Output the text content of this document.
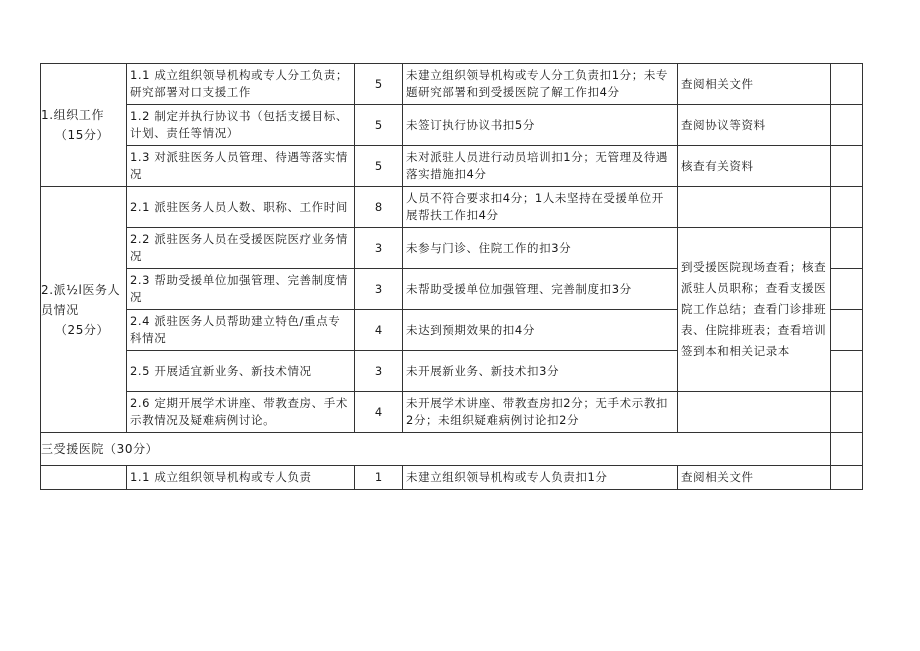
1.组织工作
（15分）	1.1 成立组织领导机构或专人分工负责；研究部署对口支援工作	5	未建立组织领导机构或专人分工负责扣1分；未专题研究部署和到受援医院了解工作扣4分	查阅相关文件	
	1.2 制定并执行协议书（包括支援目标、计划、责任等情况）	5	未签订执行协议书扣5分	查阅协议等资料	
	1.3 对派驻医务人员管理、待遇等落实情况	5	未对派驻人员进行动员培训扣1分；无管理及待遇落实措施扣4分	核查有关资料	
2.派½l医务人员情况
（25分）	2.1 派驻医务人员人数、职称、工作时间	8	人员不符合要求扣4分；1人未坚持在受援单位开展帮扶工作扣4分		
	2.2 派驻医务人员在受援医院医疗业务情况	3	未参与门诊、住院工作的扣3分	到受援医院现场查看；核查派驻人员职称；查看支援医院工作总结；查看门诊排班表、住院排班表；查看培训签到本和相关记录本	
	2.3 帮助受援单位加强管理、完善制度情况	3	未帮助受援单位加强管理、完善制度扣3分		
	2.4 派驻医务人员帮助建立特色/重点专科情况	4	未达到预期效果的扣4分		
	2.5 开展适宜新业务、新技术情况	3	未开展新业务、新技术扣3分		
	2.6 定期开展学术讲座、带教查房、手术示教情况及疑难病例讨论。	4	未开展学术讲座、带教查房扣2分；无手术示教扣2分；未组织疑难病例讨论扣2分		
三受援医院（30分）					
	1.1 成立组织领导机构或专人负责	1	未建立组织领导机构或专人负责扣1分	查阅相关文件	
